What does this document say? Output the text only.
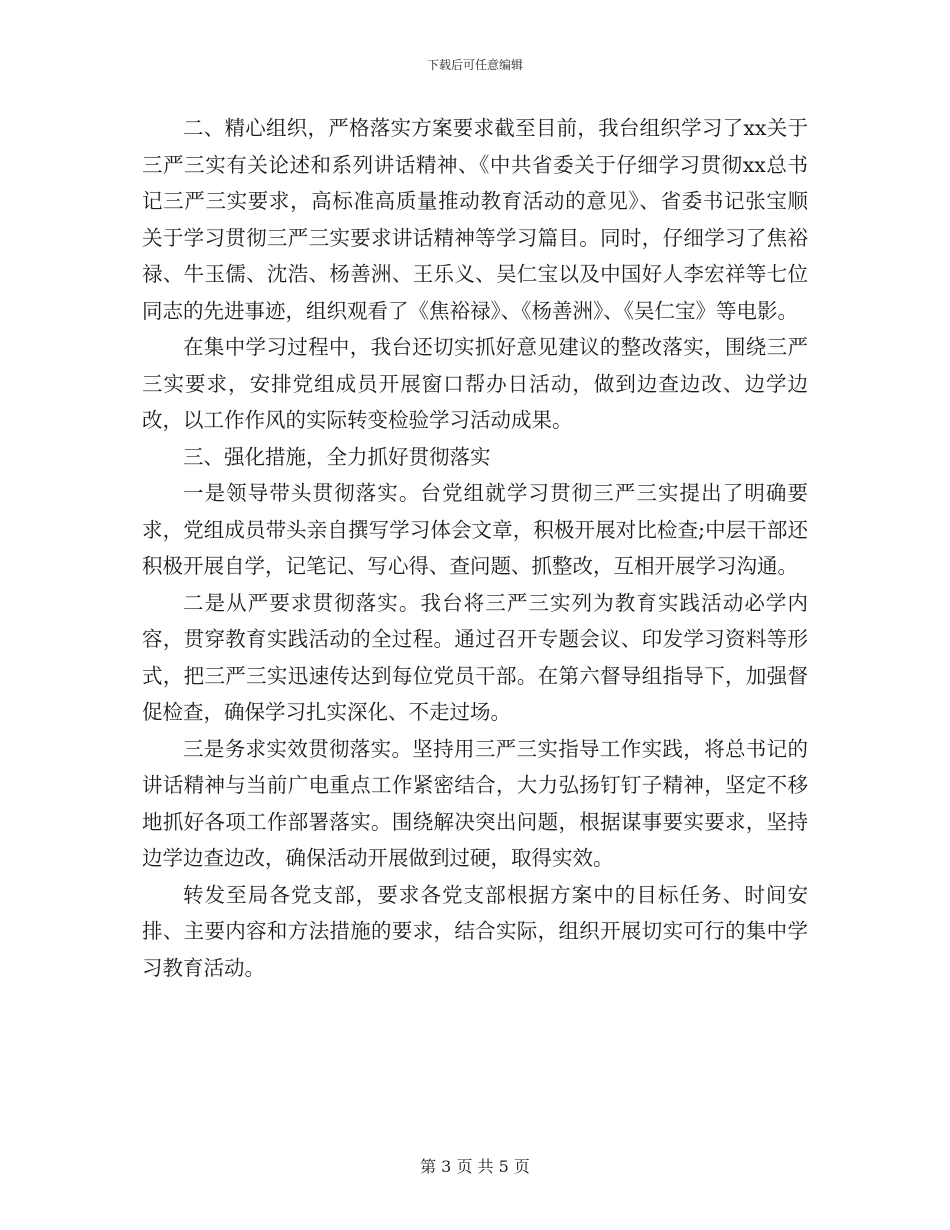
下载后可任意编辑

二、精心组织，严格落实方案要求截至目前，我台组织学习了xx关于三严三实有关论述和系列讲话精神、《中共省委关于仔细学习贯彻xx总书记三严三实要求，高标准高质量推动教育活动的意见》、省委书记张宝顺关于学习贯彻三严三实要求讲话精神等学习篇目。同时，仔细学习了焦裕禄、牛玉儒、沈浩、杨善洲、王乐义、吴仁宝以及中国好人李宏祥等七位同志的先进事迹，组织观看了《焦裕禄》、《杨善洲》、《吴仁宝》等电影。

在集中学习过程中，我台还切实抓好意见建议的整改落实，围绕三严三实要求，安排党组成员开展窗口帮办日活动，做到边查边改、边学边改，以工作作风的实际转变检验学习活动成果。

三、强化措施，全力抓好贯彻落实

一是领导带头贯彻落实。台党组就学习贯彻三严三实提出了明确要求，党组成员带头亲自撰写学习体会文章，积极开展对比检查;中层干部还积极开展自学，记笔记、写心得、查问题、抓整改，互相开展学习沟通。

二是从严要求贯彻落实。我台将三严三实列为教育实践活动必学内容，贯穿教育实践活动的全过程。通过召开专题会议、印发学习资料等形式，把三严三实迅速传达到每位党员干部。在第六督导组指导下，加强督促检查，确保学习扎实深化、不走过场。

三是务求实效贯彻落实。坚持用三严三实指导工作实践，将总书记的讲话精神与当前广电重点工作紧密结合，大力弘扬钉钉子精神，坚定不移地抓好各项工作部署落实。围绕解决突出问题，根据谋事要实要求，坚持边学边查边改，确保活动开展做到过硬，取得实效。

转发至局各党支部，要求各党支部根据方案中的目标任务、时间安排、主要内容和方法措施的要求，结合实际，组织开展切实可行的集中学习教育活动。

第 3 页 共 5 页
